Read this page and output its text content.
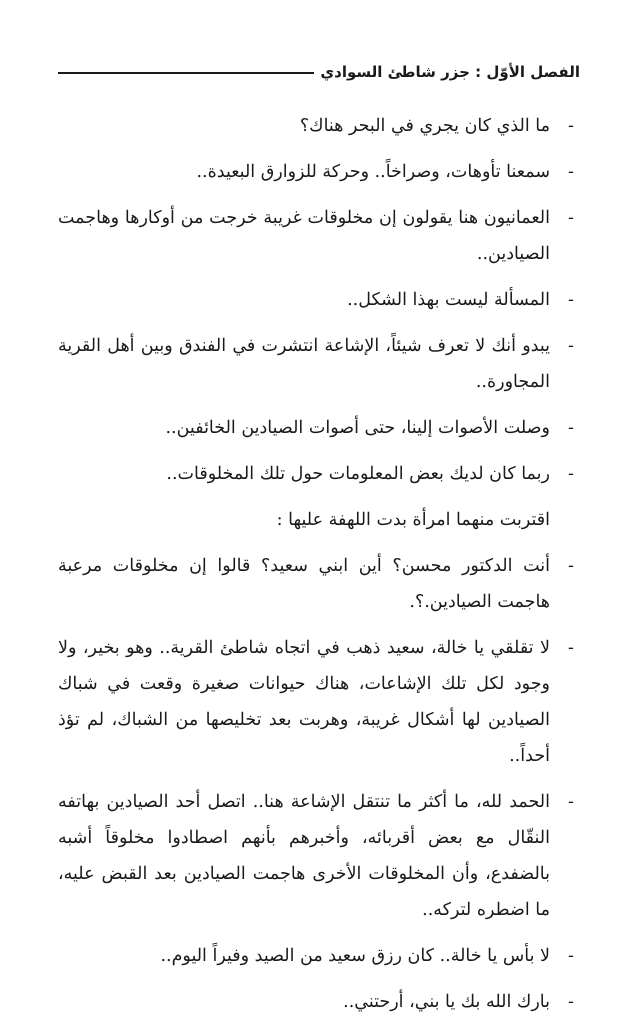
الفصل الأوّل : جزر شاطئ السوادي

-
ما الذي كان يجري في البحر هناك؟

-
سمعنا تأوهات، وصراخاً.. وحركة للزوارق البعيدة..

-
العمانيون هنا يقولون إن مخلوقات غريبة خرجت من أوكارها وهاجمت الصيادين..

-
المسألة ليست بهذا الشكل..

-
يبدو أنك لا تعرف شيئاً، الإشاعة انتشرت في الفندق وبين أهل القرية المجاورة..

-
وصلت الأصوات إلينا، حتى أصوات الصيادين الخائفين..

-
ربما كان لديك بعض المعلومات حول تلك المخلوقات..

اقتربت منهما امرأة بدت اللهفة عليها :

-
أنت الدكتور محسن؟ أين ابني سعيد؟ قالوا إن مخلوقات مرعبة هاجمت الصيادين.؟.

-
لا تقلقي يا خالة، سعيد ذهب في اتجاه شاطئ القرية.. وهو بخير، ولا وجود لكل تلك الإشاعات، هناك حيوانات صغيرة وقعت في شباك الصيادين لها أشكال غريبة، وهربت بعد تخليصها من الشباك، لم تؤذ أحداً..

-
الحمد لله، ما أكثر ما تنتقل الإشاعة هنا.. اتصل أحد الصيادين بهاتفه النقّال مع بعض أقربائه، وأخبرهم بأنهم اصطادوا مخلوقاً أشبه بالضفدع، وأن المخلوقات الأخرى هاجمت الصيادين بعد القبض عليه، ما اضطره لتركه..

-
لا بأس يا خالة.. كان رزق سعيد من الصيد وفيراً اليوم..

-
بارك الله بك يا بني، أرحتني..
